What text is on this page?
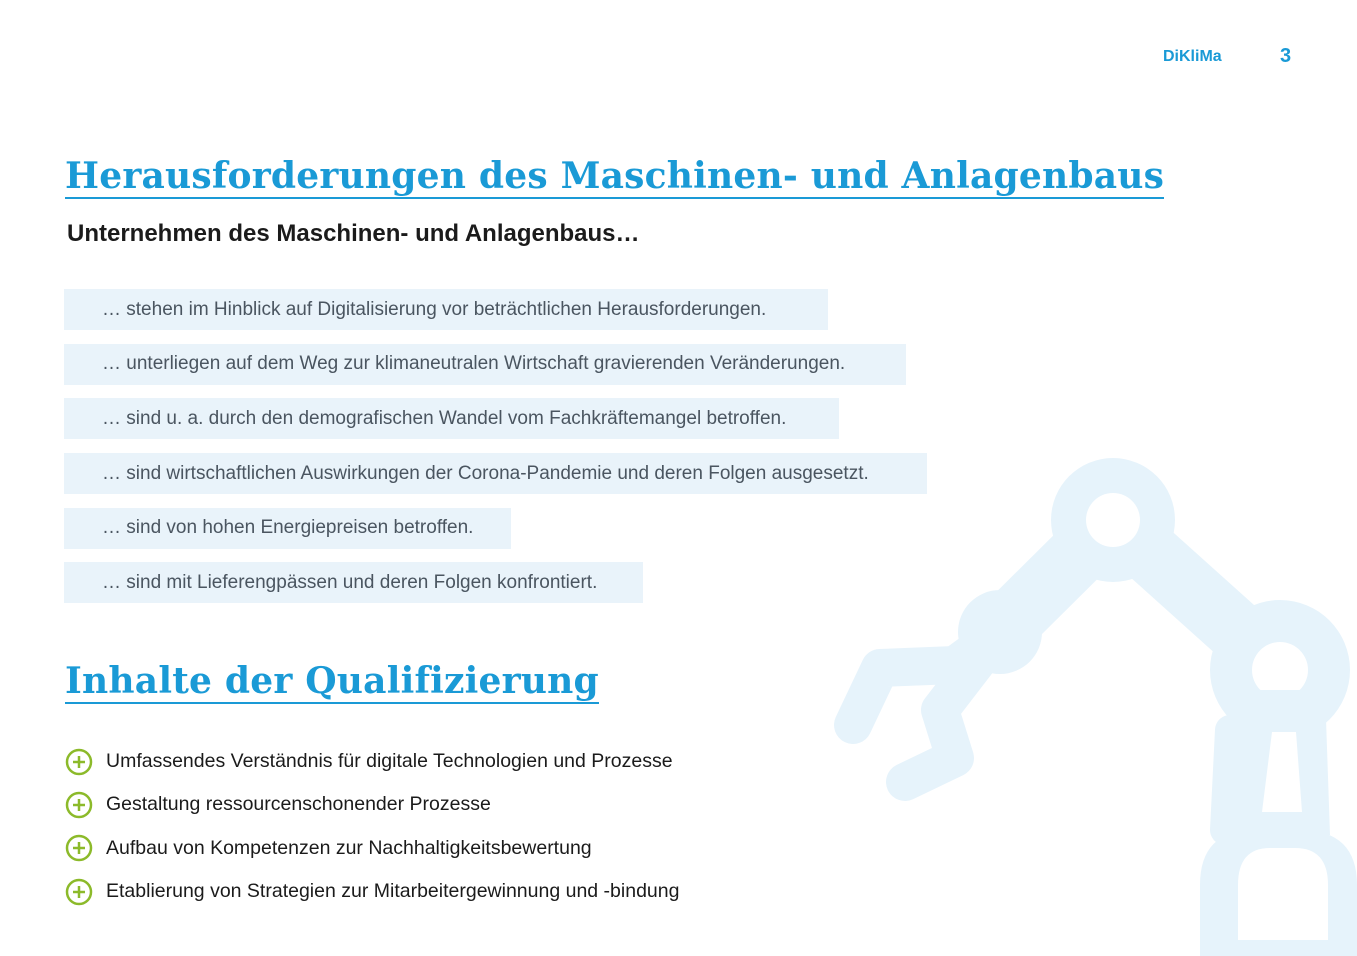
DiKliMa	3
Herausforderungen des Maschinen- und Anlagenbaus

Unternehmen des Maschinen- und Anlagenbaus…

… stehen im Hinblick auf Digitalisierung vor beträchtlichen Herausforderungen.
… unterliegen auf dem Weg zur klimaneutralen Wirtschaft gravierenden Veränderungen.
… sind u. a. durch den demografischen Wandel vom Fachkräftemangel betroffen.
… sind wirtschaftlichen Auswirkungen der Corona-Pandemie und deren Folgen ausgesetzt.
… sind von hohen Energiepreisen betroffen.
… sind mit Lieferengpässen und deren Folgen konfrontiert.
Inhalte der Qualifizierung
Umfassendes Verständnis für digitale Technologien und Prozesse
Gestaltung ressourcenschonender Prozesse
Aufbau von Kompetenzen zur Nachhaltigkeitsbewertung
Etablierung von Strategien zur Mitarbeitergewinnung und -bindung
